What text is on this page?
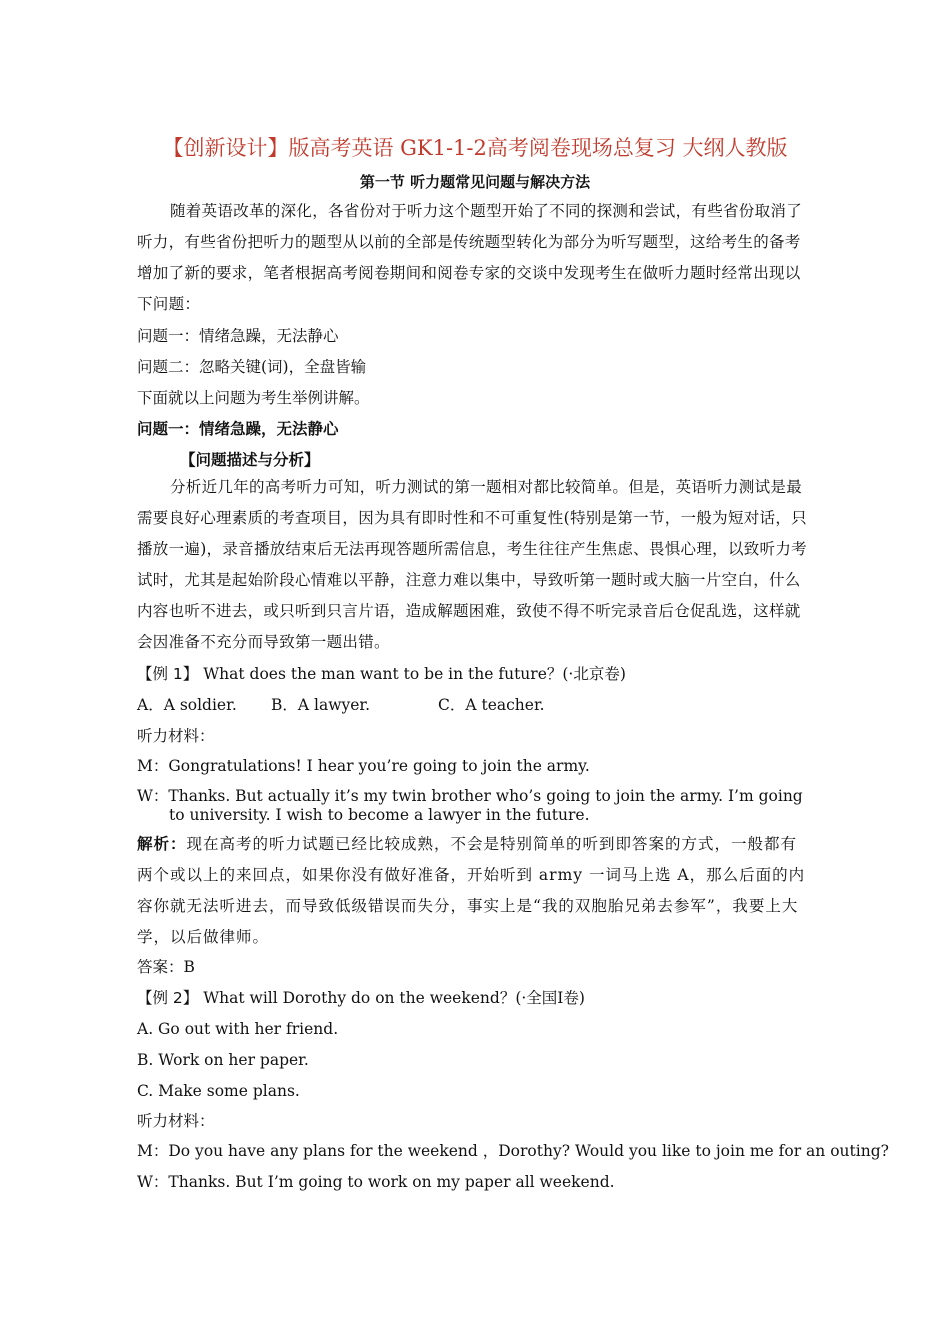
【创新设计】版高考英语 GK1-1-2高考阅卷现场总复习 大纲人教版
第一节 听力题常见问题与解决方法
随着英语改革的深化，各省份对于听力这个题型开始了不同的探测和尝试，有些省份取消了听力，有些省份把听力的题型从以前的全部是传统题型转化为部分为听写题型，这给考生的备考增加了新的要求，笔者根据高考阅卷期间和阅卷专家的交谈中发现考生在做听力题时经常出现以下问题：
问题一：情绪急躁，无法静心
问题二：忽略关键(词)，全盘皆输
下面就以上问题为考生举例讲解。
问题一：情绪急躁，无法静心
【问题描述与分析】
分析近几年的高考听力可知，听力测试的第一题相对都比较简单。但是，英语听力测试是最需要良好心理素质的考查项目，因为具有即时性和不可重复性(特别是第一节，一般为短对话，只播放一遍)，录音播放结束后无法再现答题所需信息，考生往往产生焦虑、畏惧心理，以致听力考试时，尤其是起始阶段心情难以平静，注意力难以集中，导致听第一题时或大脑一片空白，什么内容也听不进去，或只听到只言片语，造成解题困难，致使不得不听完录音后仓促乱选，这样就会因准备不充分而导致第一题出错。
【例 1】 What does the man want to be in the future？(·北京卷)
A．A soldier. B．A lawyer.	C．A teacher.
听力材料：
M：Gongratulations! I hear you’re going to join the army.
W：Thanks. But actually it’s my twin brother who’s going to join the army. I’m going to university. I wish to become a lawyer in the future.
解析：现在高考的听力试题已经比较成熟，不会是特别简单的听到即答案的方式，一般都有两个或以上的来回点，如果你没有做好准备，开始听到 army 一词马上选 A，那么后面的内容你就无法听进去，而导致低级错误而失分，事实上是“我的双胞胎兄弟去参军”，我要上大学，以后做律师。
答案：B
【例 2】 What will Dorothy do on the weekend？(·全国Ⅰ卷)
A. Go out with her friend.
B. Work on her paper.
C. Make some plans.
听力材料：
M：Do you have any plans for the weekend ，Dorothy? Would you like to join me for an outing?
W：Thanks. But I’m going to work on my paper all weekend.
